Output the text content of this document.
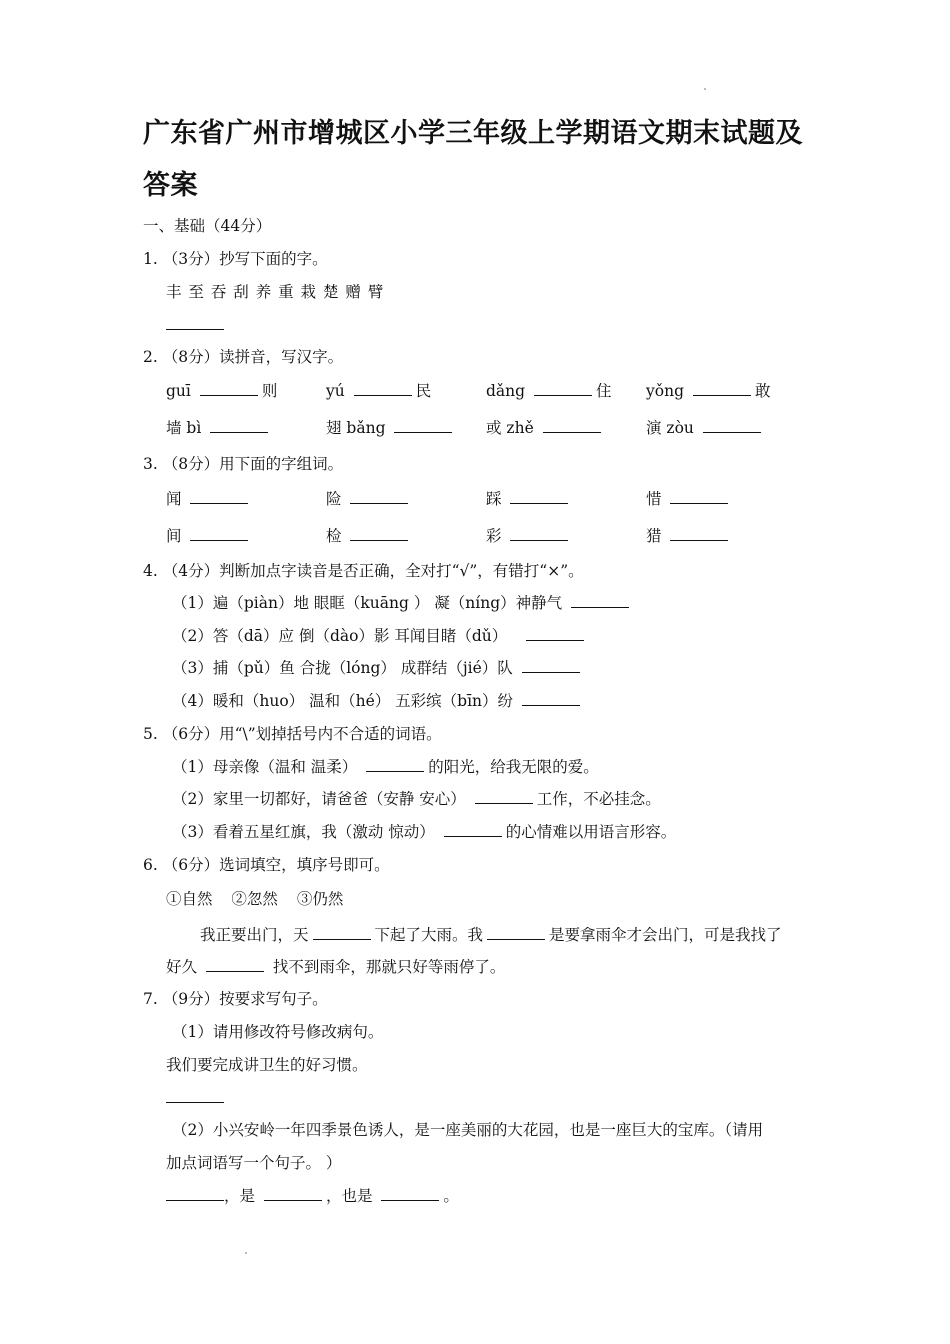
广东省广州市增城区小学三年级上学期语文期末试题及答案
一、基础（44分）
1. （3分）抄写下面的字。
丰 至 吞 刮 养 重 栽 楚 赠 臂
2. （8分）读拼音，写汉字。
guī	则	yú	民	dǎng	住 yǒng	敢
墙 bì	翅 bǎng	或 zhě	演 zòu
3. （8分）用下面的字组词。
闻	险	踩	惜
间	检	彩	猎
4. （4分）判断加点字读音是否正确，全对打“√”，有错打“×”。
（1）遍（piàn）地 眼眶（kuāng ） 凝（níng）神静气
（2）答（dā）应 倒（dào）影 耳闻目睹（dǔ）
（3）捕（pǔ）鱼 合拢（lóng） 成群结（jié）队
（4）暖和（huo） 温和（hé） 五彩缤（bīn）纷
5. （6分）用“\”划掉括号内不合适的词语。
（1）母亲像（温和 温柔）	的阳光，给我无限的爱。
（2）家里一切都好，请爸爸（安静 安心）	工作，不必挂念。
（3）看着五星红旗，我（激动 惊动）	的心情难以用语言形容。
6. （6分）选词填空，填序号即可。
①自然 ②忽然 ③仍然
我正要出门，天	下起了大雨。我	是要拿雨伞才会出门，可是我找了
好久	找不到雨伞，那就只好等雨停了。
7. （9分）按要求写句子。
（1）请用修改符号修改病句。
我们要完成讲卫生的好习惯。
（2）小兴安岭一年四季景色诱人，是一座美丽的大花园，也是一座巨大的宝库。（请用
加点词语写一个句子。 ）
，是	，也是	。
